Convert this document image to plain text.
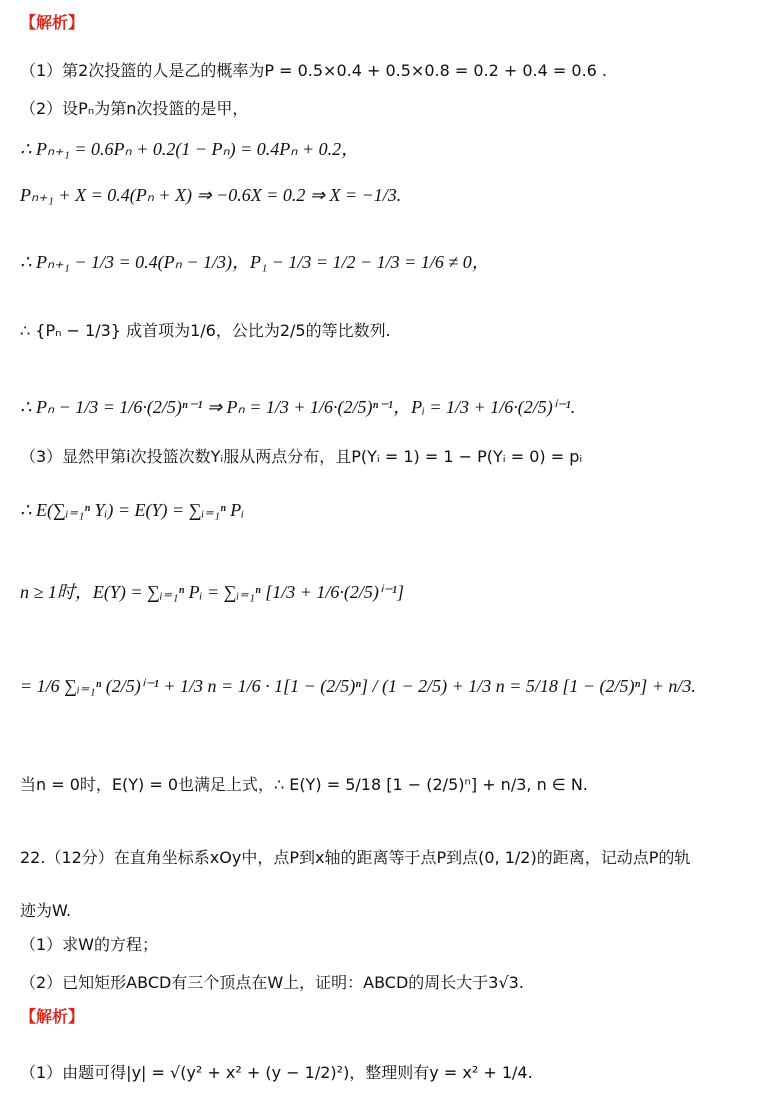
【解析】
（1）第2次投篮的人是乙的概率为P = 0.5×0.4 + 0.5×0.8 = 0.2 + 0.4 = 0.6 .
（2）设Pₙ为第n次投篮的是甲，
∴ Pₙ₊₁ = 0.6Pₙ + 0.2(1 − Pₙ) = 0.4Pₙ + 0.2，
Pₙ₊₁ + X = 0.4(Pₙ + X) ⇒ −0.6X = 0.2 ⇒ X = −1/3.
∴ Pₙ₊₁ − 1/3 = 0.4(Pₙ − 1/3)，P₁ − 1/3 = 1/2 − 1/3 = 1/6 ≠ 0，
∴ {Pₙ − 1/3} 成首项为1/6，公比为2/5的等比数列.
∴ Pₙ − 1/3 = 1/6·(2/5)ⁿ⁻¹ ⇒ Pₙ = 1/3 + 1/6·(2/5)ⁿ⁻¹，Pᵢ = 1/3 + 1/6·(2/5)ⁱ⁻¹.
（3）显然甲第i次投篮次数Yᵢ服从两点分布，且P(Yᵢ = 1) = 1 − P(Yᵢ = 0) = pᵢ
∴ E(∑ᵢ₌₁ⁿ Yᵢ) = E(Y) = ∑ᵢ₌₁ⁿ Pᵢ
n ≥ 1时，E(Y) = ∑ᵢ₌₁ⁿ Pᵢ = ∑ᵢ₌₁ⁿ [1/3 + 1/6·(2/5)ⁱ⁻¹]
= 1/6 ∑ᵢ₌₁ⁿ (2/5)ⁱ⁻¹ + 1/3 n = 1/6 · 1[1 − (2/5)ⁿ] / (1 − 2/5) + 1/3 n = 5/18 [1 − (2/5)ⁿ] + n/3.
当n = 0时，E(Y) = 0也满足上式，∴ E(Y) = 5/18 [1 − (2/5)ⁿ] + n/3, n ∈ N.
22.（12分）在直角坐标系xOy中，点P到x轴的距离等于点P到点(0, 1/2)的距离，记动点P的轨
迹为W.
（1）求W的方程；
（2）已知矩形ABCD有三个顶点在W上，证明：ABCD的周长大于3√3.
【解析】
（1）由题可得|y| = √(y² + x² + (y − 1/2)²)，整理则有y = x² + 1/4.
